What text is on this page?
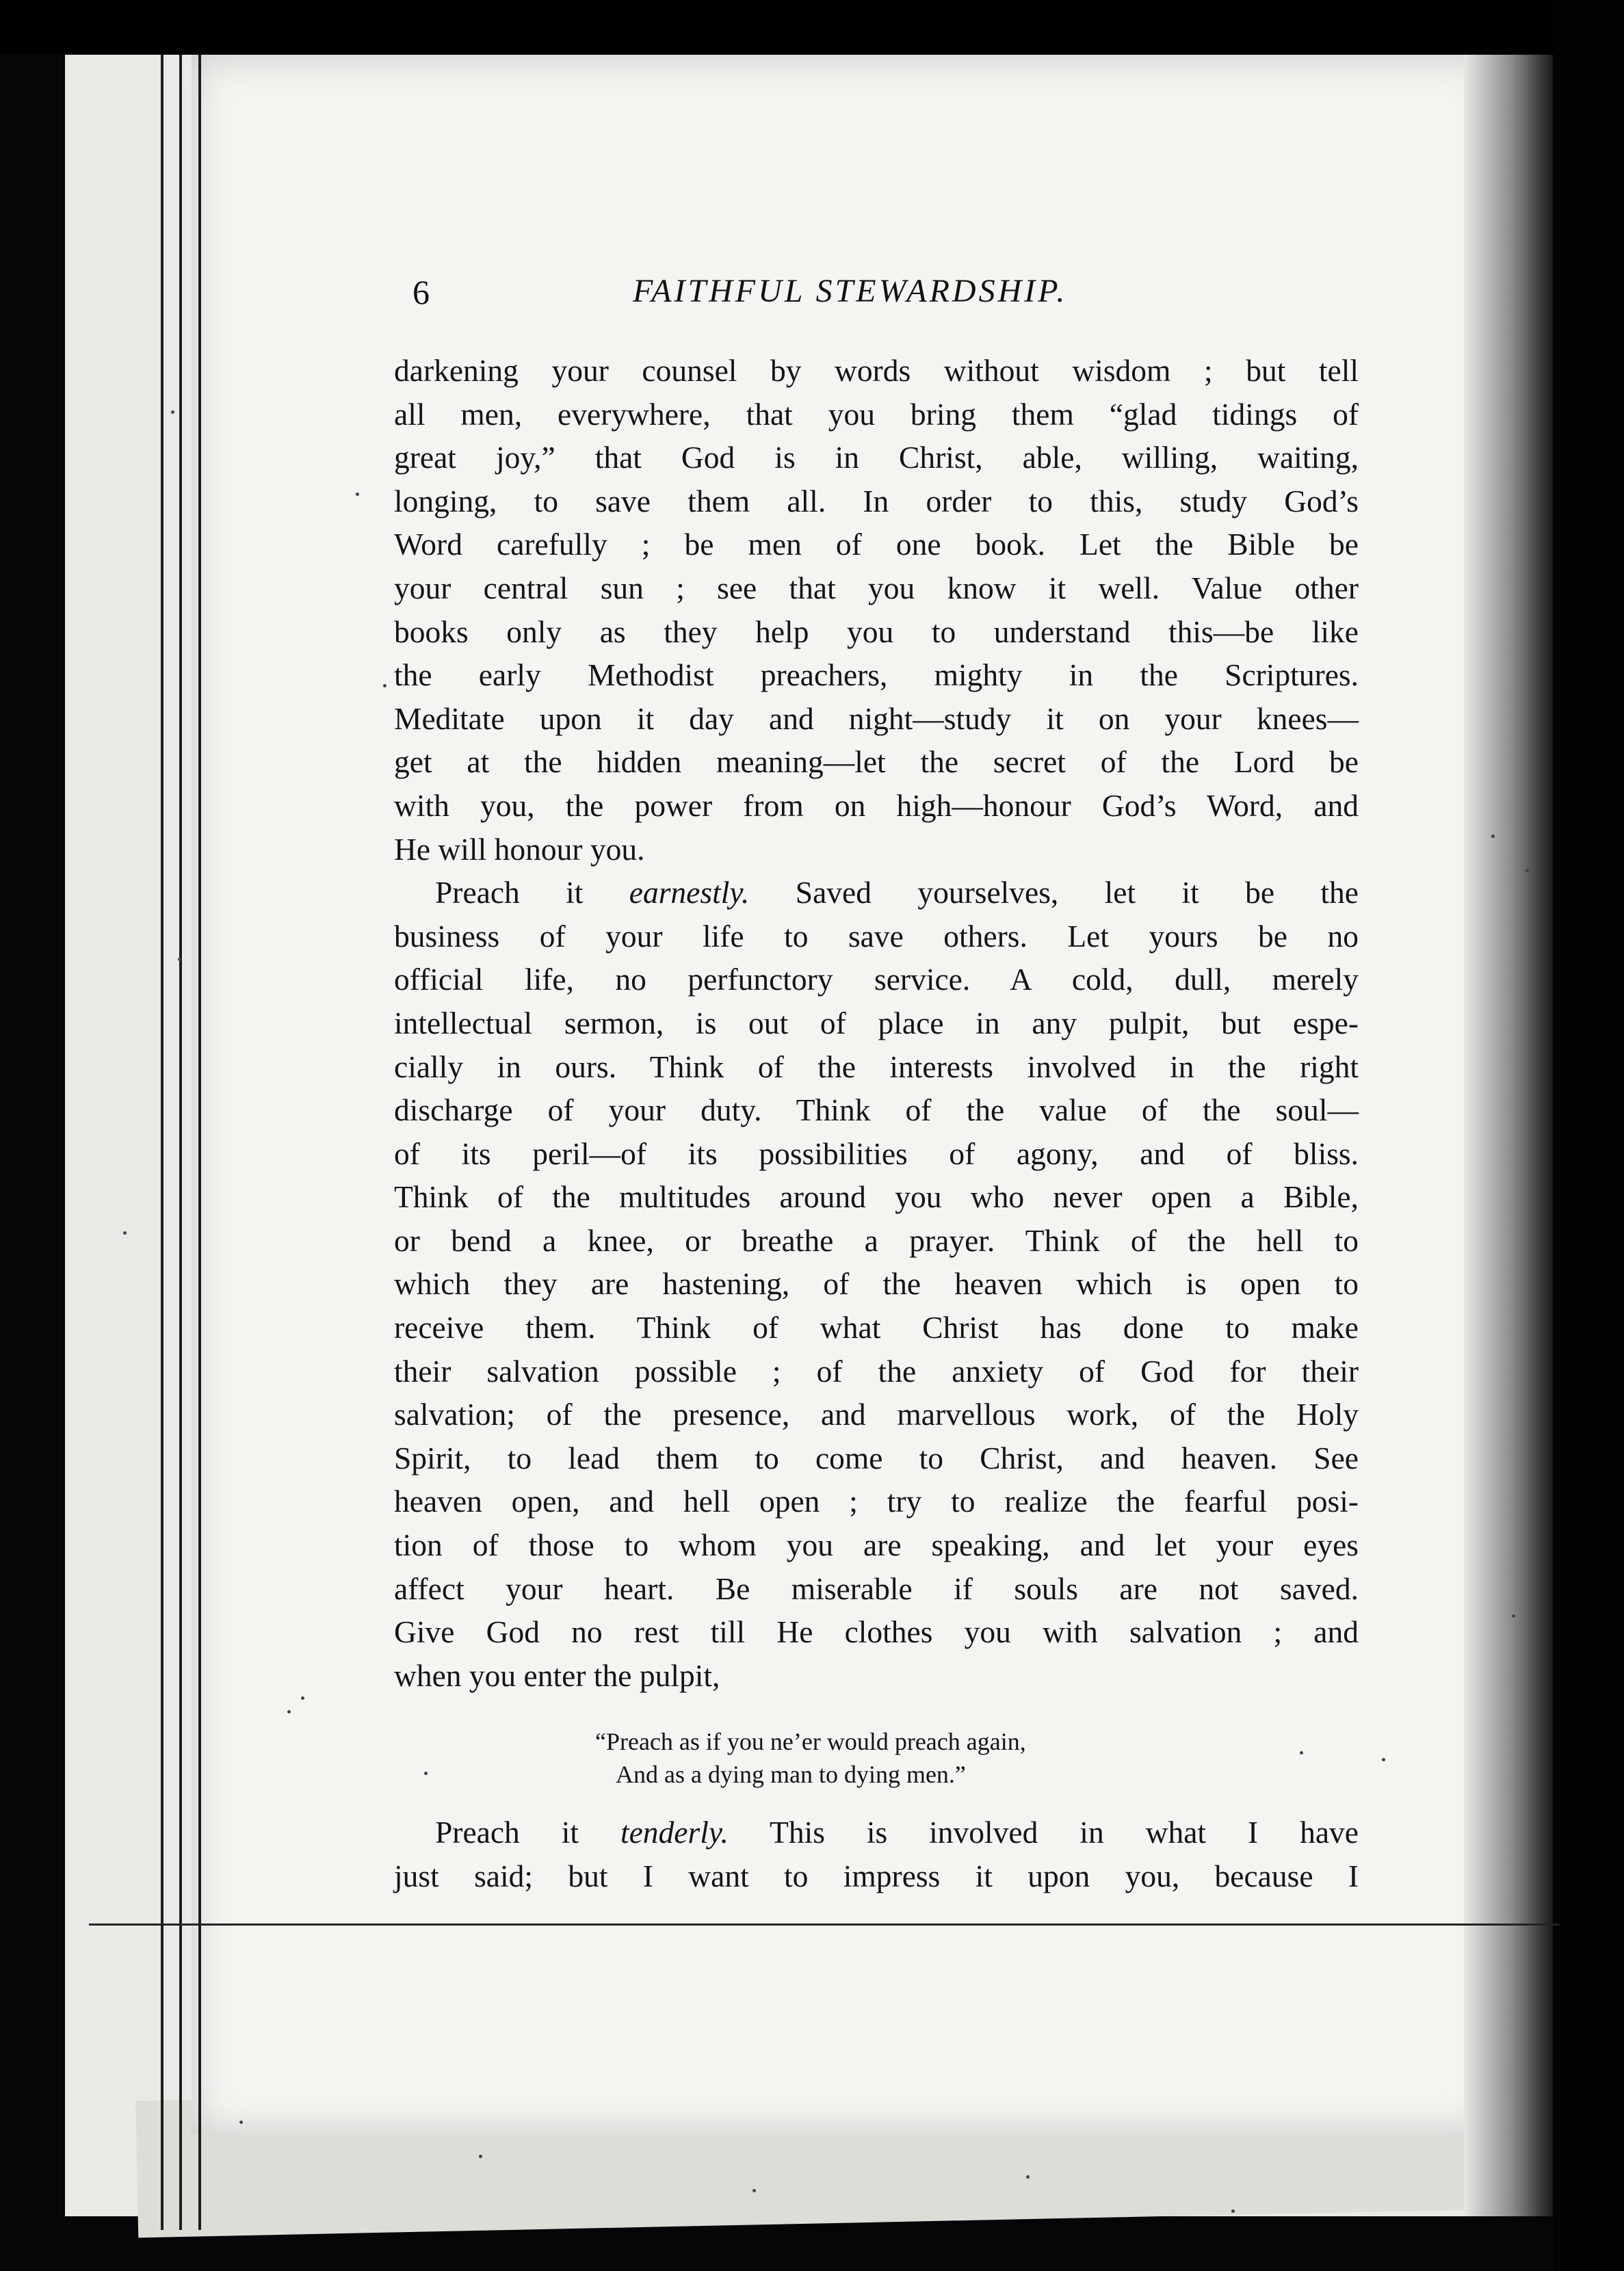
6	FAITHFUL STEWARDSHIP.
darkening your counsel by words without wisdom ; but tell
all men, everywhere, that you bring them “glad tidings of
great joy,” that God is in Christ, able, willing, waiting,
longing, to save them all. In order to this, study God’s
Word carefully ; be men of one book. Let the Bible be
your central sun ; see that you know it well. Value other
books only as they help you to understand this—be like
the early Methodist preachers, mighty in the Scriptures.
Meditate upon it day and night—study it on your knees—
get at the hidden meaning—let the secret of the Lord be
with you, the power from on high—honour God’s Word, and
He will honour you.
Preach it earnestly. Saved yourselves, let it be the
business of your life to save others. Let yours be no
official life, no perfunctory service. A cold, dull, merely
intellectual sermon, is out of place in any pulpit, but espe-
cially in ours. Think of the interests involved in the right
discharge of your duty. Think of the value of the soul—
of its peril—of its possibilities of agony, and of bliss.
Think of the multitudes around you who never open a Bible,
or bend a knee, or breathe a prayer. Think of the hell to
which they are hastening, of the heaven which is open to
receive them. Think of what Christ has done to make
their salvation possible ; of the anxiety of God for their
salvation; of the presence, and marvellous work, of the Holy
Spirit, to lead them to come to Christ, and heaven. See
heaven open, and hell open ; try to realize the fearful posi-
tion of those to whom you are speaking, and let your eyes
affect your heart. Be miserable if souls are not saved.
Give God no rest till He clothes you with salvation ; and
when you enter the pulpit,
“Preach as if you ne’er would preach again,
And as a dying man to dying men.”
Preach it tenderly. This is involved in what I have
just said; but I want to impress it upon you, because I
